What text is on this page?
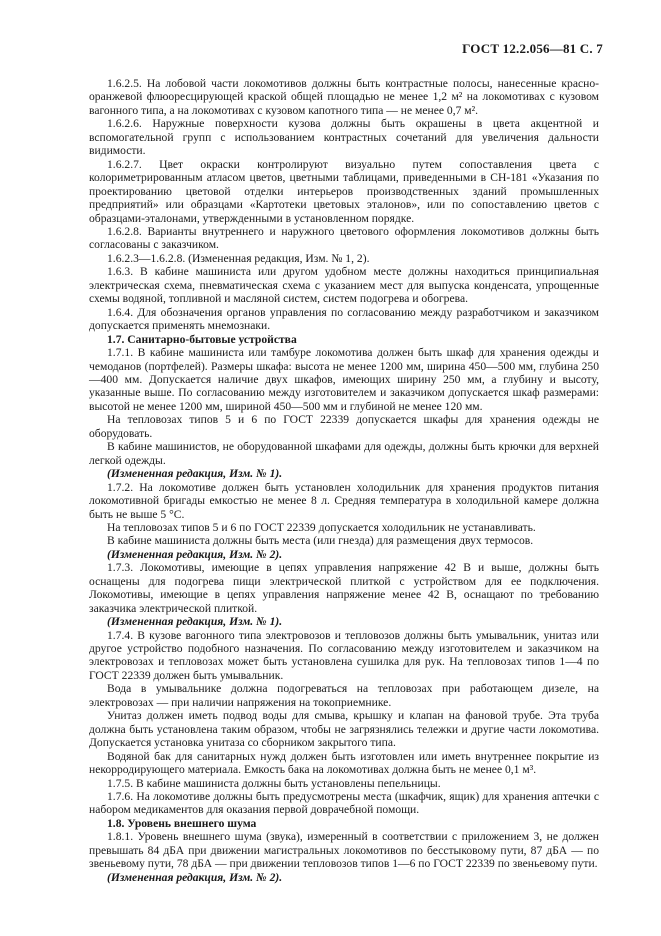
ГОСТ 12.2.056—81 С. 7

1.6.2.5. На лобовой части локомотивов должны быть контрастные полосы, нанесенные красно-оранжевой флюоресцирующей краской общей площадью не менее 1,2 м² на локомотивах с кузовом вагонного типа, а на локомотивах с кузовом капотного типа — не менее 0,7 м².

1.6.2.6. Наружные поверхности кузова должны быть окрашены в цвета акцентной и вспомогательной групп с использованием контрастных сочетаний для увеличения дальности видимости.

1.6.2.7. Цвет окраски контролируют визуально путем сопоставления цвета с колориметрированным атласом цветов, цветными таблицами, приведенными в СН-181 «Указания по проектированию цветовой отделки интерьеров производственных зданий промышленных предприятий» или образцами «Картотеки цветовых эталонов», или по сопоставлению цветов с образцами-эталонами, утвержденными в установленном порядке.

1.6.2.8. Варианты внутреннего и наружного цветового оформления локомотивов должны быть согласованы с заказчиком.

1.6.2.3—1.6.2.8. (Измененная редакция, Изм. № 1, 2).

1.6.3. В кабине машиниста или другом удобном месте должны находиться принципиальная электрическая схема, пневматическая схема с указанием мест для выпуска конденсата, упрощенные схемы водяной, топливной и масляной систем, систем подогрева и обогрева.

1.6.4. Для обозначения органов управления по согласованию между разработчиком и заказчиком допускается применять мнемознаки.

1.7. Санитарно-бытовые устройства

1.7.1. В кабине машиниста или тамбуре локомотива должен быть шкаф для хранения одежды и чемоданов (портфелей). Размеры шкафа: высота не менее 1200 мм, ширина 450—500 мм, глубина 250—400 мм. Допускается наличие двух шкафов, имеющих ширину 250 мм, а глубину и высоту, указанные выше. По согласованию между изготовителем и заказчиком допускается шкаф размерами: высотой не менее 1200 мм, шириной 450—500 мм и глубиной не менее 120 мм.

На тепловозах типов 5 и 6 по ГОСТ 22339 допускается шкафы для хранения одежды не оборудовать.

В кабине машинистов, не оборудованной шкафами для одежды, должны быть крючки для верхней легкой одежды.

(Измененная редакция, Изм. № 1).

1.7.2. На локомотиве должен быть установлен холодильник для хранения продуктов питания локомотивной бригады емкостью не менее 8 л. Средняя температура в холодильной камере должна быть не выше 5 °С.

На тепловозах типов 5 и 6 по ГОСТ 22339 допускается холодильник не устанавливать.

В кабине машиниста должны быть места (или гнезда) для размещения двух термосов.

(Измененная редакция, Изм. № 2).

1.7.3. Локомотивы, имеющие в цепях управления напряжение 42 В и выше, должны быть оснащены для подогрева пищи электрической плиткой с устройством для ее подключения. Локомотивы, имеющие в цепях управления напряжение менее 42 В, оснащают по требованию заказчика электрической плиткой.

(Измененная редакция, Изм. № 1).

1.7.4. В кузове вагонного типа электровозов и тепловозов должны быть умывальник, унитаз или другое устройство подобного назначения. По согласованию между изготовителем и заказчиком на электровозах и тепловозах может быть установлена сушилка для рук. На тепловозах типов 1—4 по ГОСТ 22339 должен быть умывальник.

Вода в умывальнике должна подогреваться на тепловозах при работающем дизеле, на электровозах — при наличии напряжения на токоприемнике.

Унитаз должен иметь подвод воды для смыва, крышку и клапан на фановой трубе. Эта труба должна быть установлена таким образом, чтобы не загрязнялись тележки и другие части локомотива. Допускается установка унитаза со сборником закрытого типа.

Водяной бак для санитарных нужд должен быть изготовлен или иметь внутреннее покрытие из некорродирующего материала. Емкость бака на локомотивах должна быть не менее 0,1 м³.

1.7.5. В кабине машиниста должны быть установлены пепельницы.

1.7.6. На локомотиве должны быть предусмотрены места (шкафчик, ящик) для хранения аптечки с набором медикаментов для оказания первой доврачебной помощи.

1.8. Уровень внешнего шума

1.8.1. Уровень внешнего шума (звука), измеренный в соответствии с приложением 3, не должен превышать 84 дБА при движении магистральных локомотивов по бесстыковому пути, 87 дБА — по звеньевому пути, 78 дБА — при движении тепловозов типов 1—6 по ГОСТ 22339 по звеньевому пути.

(Измененная редакция, Изм. № 2).
